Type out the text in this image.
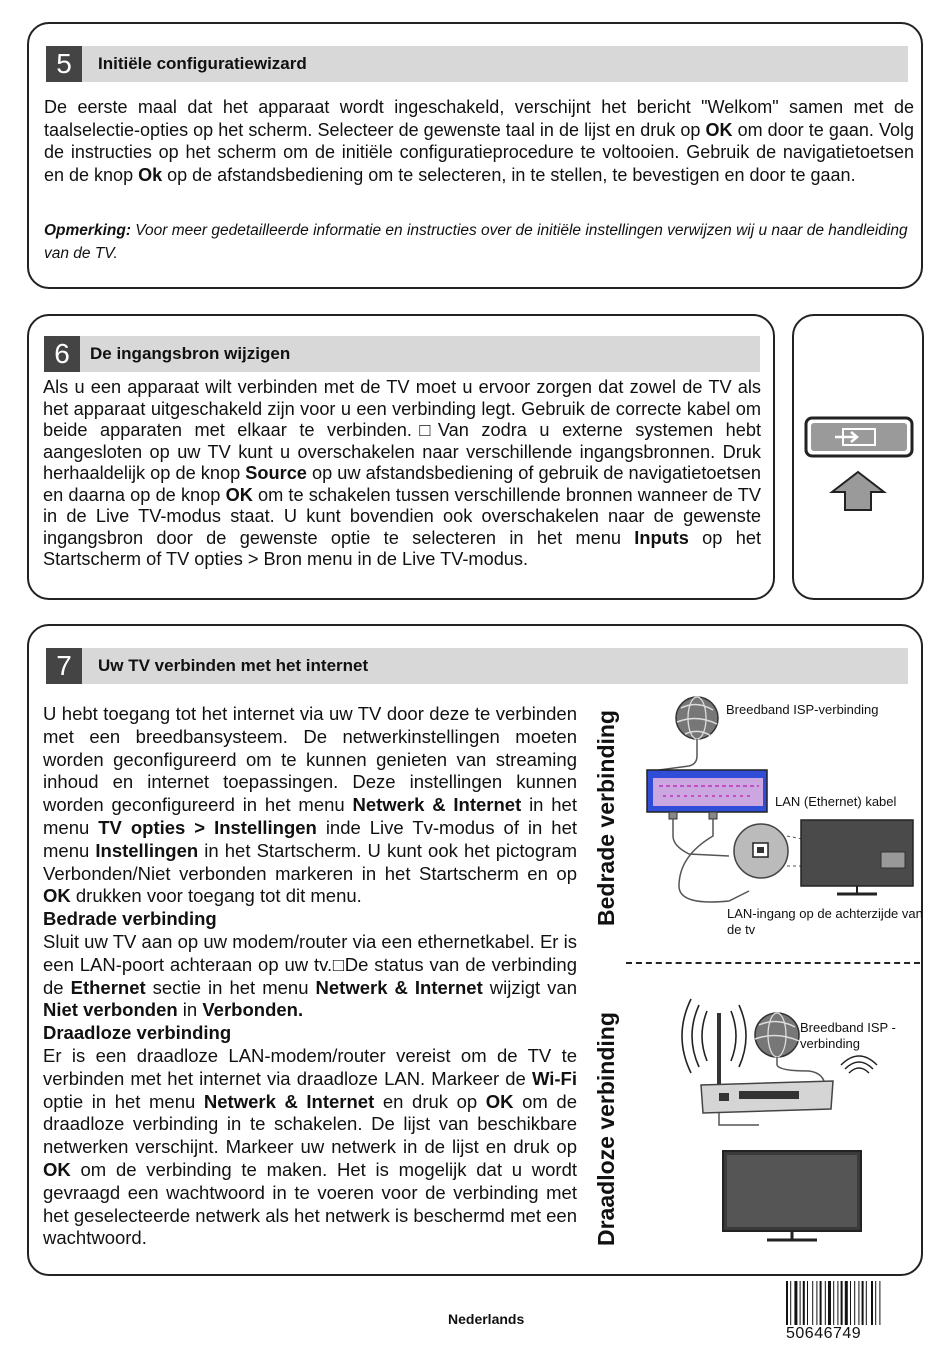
5	Initiële configuratiewizard
De eerste maal dat het apparaat wordt ingeschakeld, verschijnt het bericht "Welkom" samen met de taalselectie-opties op het scherm. Selecteer de gewenste taal in de lijst en druk op OK om door te gaan. Volg de instructies op het scherm om de initiële configuratieprocedure te voltooien. Gebruik de navigatietoetsen en de knop Ok op de afstandsbediening om te selecteren, in te stellen, te bevestigen en door te gaan.
Opmerking: Voor meer gedetailleerde informatie en instructies over de initiële instellingen verwijzen wij u naar de handleiding van de TV.
6	De ingangsbron wijzigen
Als u een apparaat wilt verbinden met de TV moet u ervoor zorgen dat zowel de TV als het apparaat uitgeschakeld zijn voor u een verbinding legt. Gebruik de correcte kabel om beide apparaten met elkaar te verbinden.□Van zodra u externe systemen hebt aangesloten op uw TV kunt u overschakelen naar verschillende ingangsbronnen. Druk herhaaldelijk op de knop Source op uw afstandsbediening of gebruik de navigatietoetsen en daarna op de knop OK om te schakelen tussen verschillende bronnen wanneer de TV in de Live TV-modus staat. U kunt bovendien ook overschakelen naar de gewenste ingangsbron door de gewenste optie te selecteren in het menu Inputs op het Startscherm of TV opties > Bron menu in de Live TV-modus.
7	Uw TV verbinden met het internet

U hebt toegang tot het internet via uw TV door deze te verbinden met een breedbansysteem. De netwerkinstellingen moeten worden geconfigureerd om te kunnen genieten van streaming inhoud en internet toepassingen. Deze instellingen kunnen worden geconfigureerd in het menu Netwerk & Internet in het menu TV opties > Instellingen inde Live Tv-modus of in het menu Instellingen in het Startscherm. U kunt ook het pictogram Verbonden/Niet verbonden markeren in het Startscherm en op OK drukken voor toegang tot dit menu.

Bedrade verbinding

Sluit uw TV aan op uw modem/router via een ethernetkabel. Er is een LAN-poort achteraan op uw tv.□De status van de verbinding de Ethernet sectie in het menu Netwerk & Internet wijzigt van Niet verbonden in Verbonden.

Draadloze verbinding

Er is een draadloze LAN-modem/router vereist om de TV te verbinden met het internet via draadloze LAN. Markeer de Wi-Fi optie in het menu Netwerk & Internet en druk op OK om de draadloze verbinding in te schakelen. De lijst van beschikbare netwerken verschijnt. Markeer uw netwerk in de lijst en druk op OK om de verbinding te maken. Het is mogelijk dat u wordt gevraagd een wachtwoord in te voeren voor de verbinding met het geselecteerde netwerk als het netwerk is beschermd met een wachtwoord.

Bedrade verbinding
Draadloze verbinding
Breedband ISP-verbinding
LAN (Ethernet) kabel
LAN-ingang op de achterzijde van de tv
Breedband ISP -verbinding
Nederlands
50646749
